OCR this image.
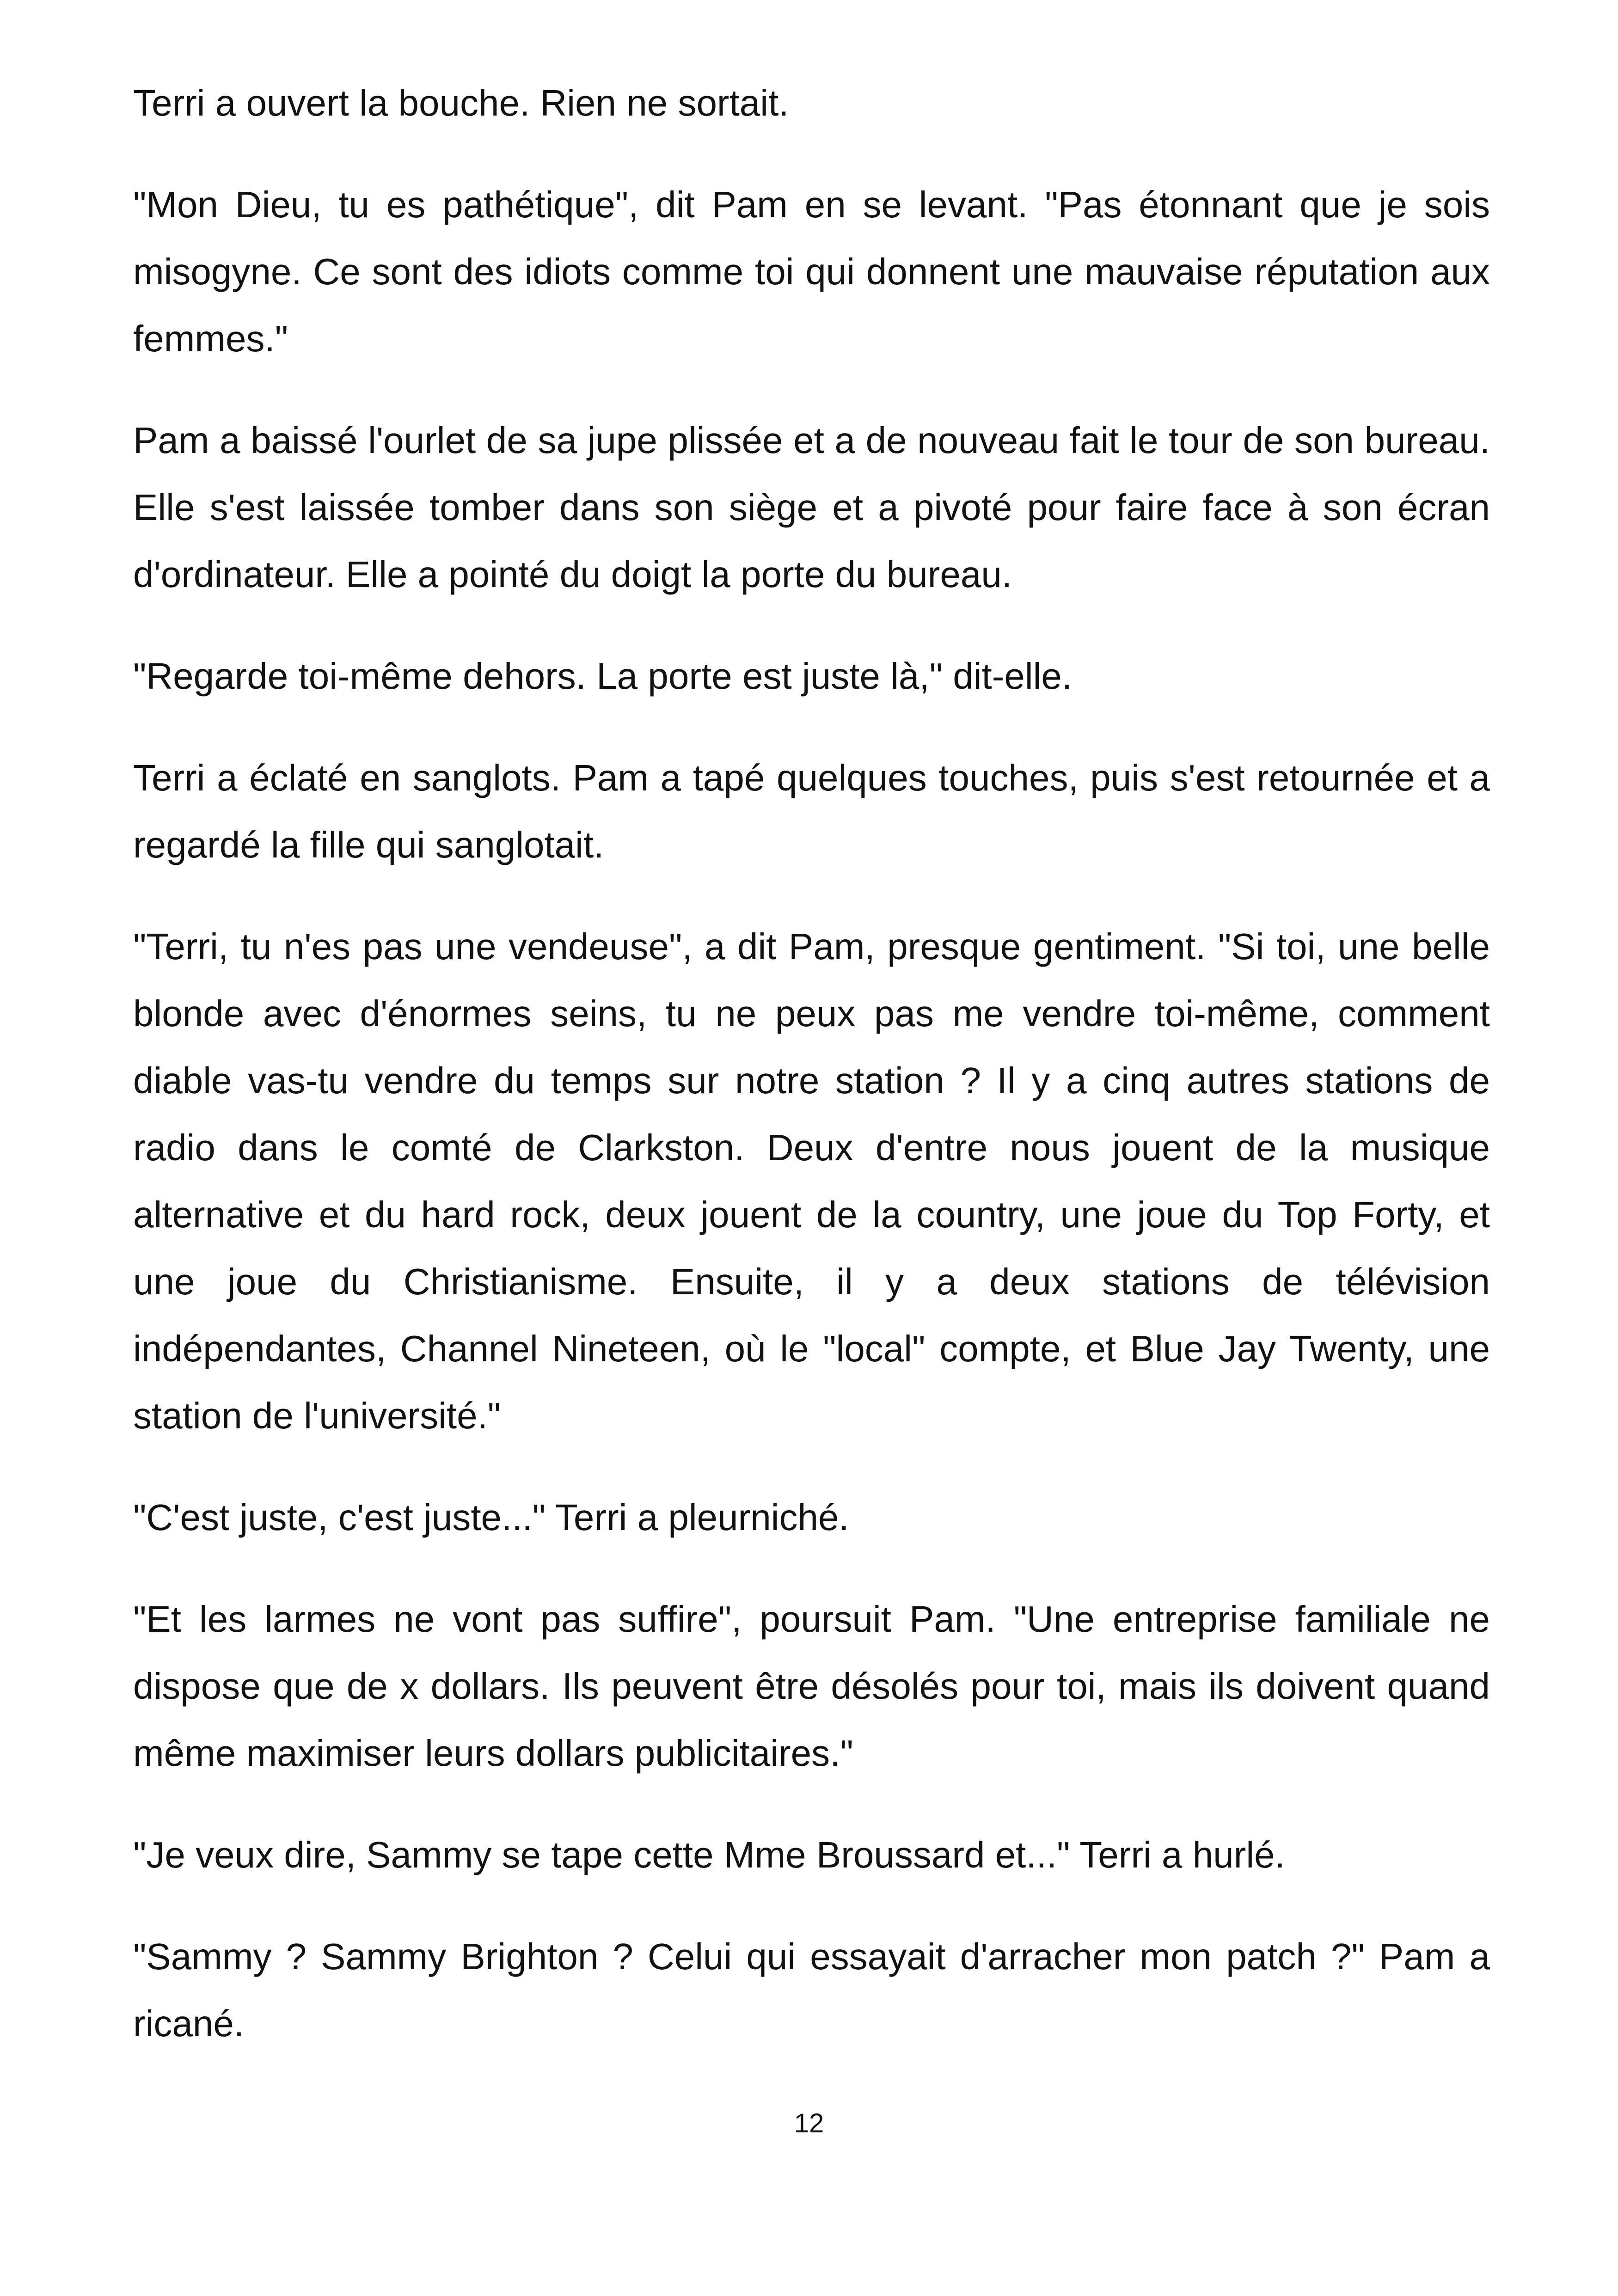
Terri a ouvert la bouche. Rien ne sortait.

"Mon Dieu, tu es pathétique", dit Pam en se levant. "Pas étonnant que je sois misogyne. Ce sont des idiots comme toi qui donnent une mauvaise réputation aux femmes."

Pam a baissé l'ourlet de sa jupe plissée et a de nouveau fait le tour de son bureau. Elle s'est laissée tomber dans son siège et a pivoté pour faire face à son écran d'ordinateur. Elle a pointé du doigt la porte du bureau.

"Regarde toi-même dehors. La porte est juste là," dit-elle.

Terri a éclaté en sanglots. Pam a tapé quelques touches, puis s'est retournée et a regardé la fille qui sanglotait.

"Terri, tu n'es pas une vendeuse", a dit Pam, presque gentiment. "Si toi, une belle blonde avec d'énormes seins, tu ne peux pas me vendre toi-même, comment diable vas-tu vendre du temps sur notre station ? Il y a cinq autres stations de radio dans le comté de Clarkston. Deux d'entre nous jouent de la musique alternative et du hard rock, deux jouent de la country, une joue du Top Forty, et une joue du Christianisme. Ensuite, il y a deux stations de télévision indépendantes, Channel Nineteen, où le "local" compte, et Blue Jay Twenty, une station de l'université."

"C'est juste, c'est juste..." Terri a pleurniché.

"Et les larmes ne vont pas suffire", poursuit Pam. "Une entreprise familiale ne dispose que de x dollars. Ils peuvent être désolés pour toi, mais ils doivent quand même maximiser leurs dollars publicitaires."

"Je veux dire, Sammy se tape cette Mme Broussard et..." Terri a hurlé.

"Sammy ? Sammy Brighton ? Celui qui essayait d'arracher mon patch ?" Pam a ricané.

12
